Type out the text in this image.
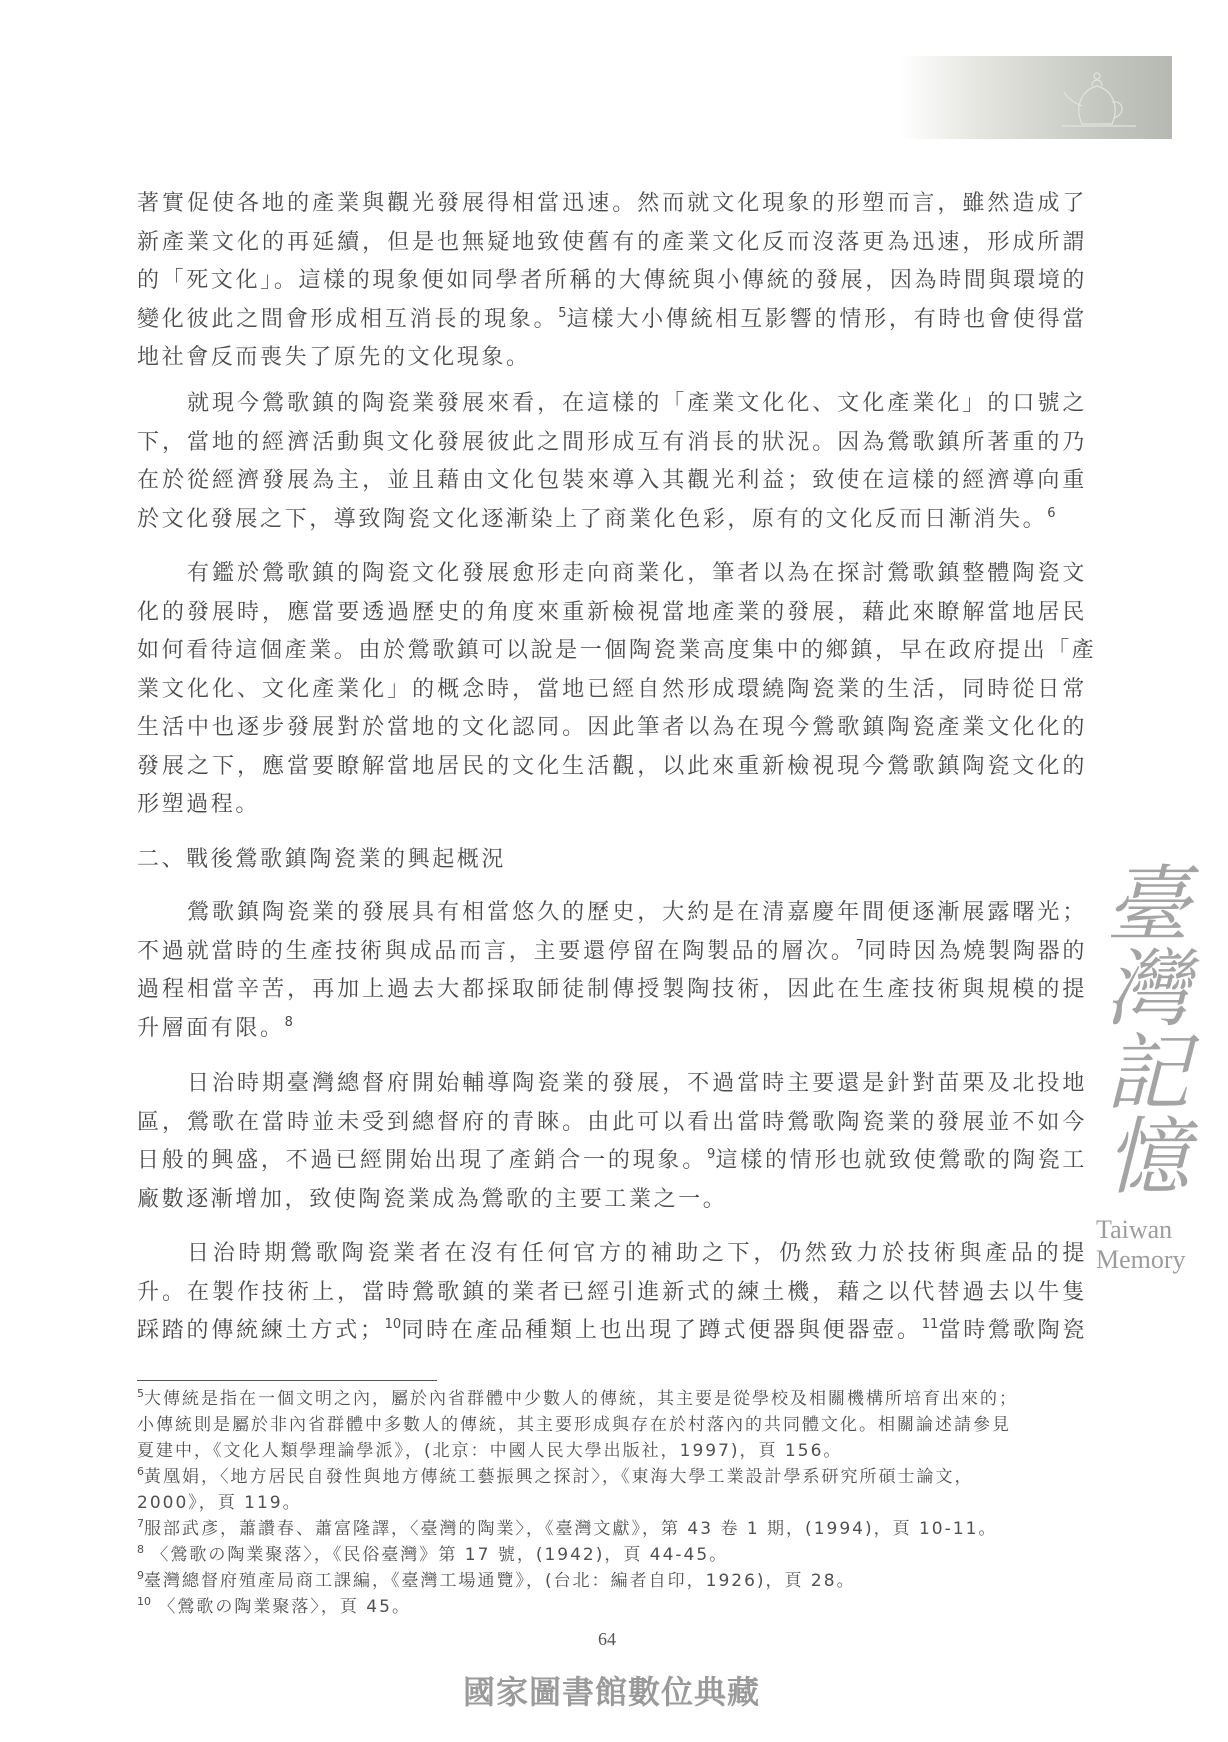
著實促使各地的產業與觀光發展得相當迅速。然而就文化現象的形塑而言，雖然造成了
新產業文化的再延續，但是也無疑地致使舊有的產業文化反而沒落更為迅速，形成所謂
的「死文化」。這樣的現象便如同學者所稱的大傳統與小傳統的發展，因為時間與環境的
變化彼此之間會形成相互消長的現象。$^5$這樣大小傳統相互影響的情形，有時也會使得當
地社會反而喪失了原先的文化現象。
就現今鶯歌鎮的陶瓷業發展來看，在這樣的「產業文化化、文化產業化」的口號之
下，當地的經濟活動與文化發展彼此之間形成互有消長的狀況。因為鶯歌鎮所著重的乃
在於從經濟發展為主，並且藉由文化包裝來導入其觀光利益；致使在這樣的經濟導向重
於文化發展之下，導致陶瓷文化逐漸染上了商業化色彩，原有的文化反而日漸消失。$^6$
有鑑於鶯歌鎮的陶瓷文化發展愈形走向商業化，筆者以為在探討鶯歌鎮整體陶瓷文
化的發展時，應當要透過歷史的角度來重新檢視當地產業的發展，藉此來瞭解當地居民
如何看待這個產業。由於鶯歌鎮可以說是一個陶瓷業高度集中的鄉鎮，早在政府提出「產
業文化化、文化產業化」的概念時，當地已經自然形成環繞陶瓷業的生活，同時從日常
生活中也逐步發展對於當地的文化認同。因此筆者以為在現今鶯歌鎮陶瓷產業文化化的
發展之下，應當要瞭解當地居民的文化生活觀，以此來重新檢視現今鶯歌鎮陶瓷文化的
形塑過程。
鶯歌鎮陶瓷業的發展具有相當悠久的歷史，大約是在清嘉慶年間便逐漸展露曙光；
不過就當時的生產技術與成品而言，主要還停留在陶製品的層次。$^7$同時因為燒製陶器的
過程相當辛苦，再加上過去大都採取師徒制傳授製陶技術，因此在生產技術與規模的提
升層面有限。$^8$
日治時期臺灣總督府開始輔導陶瓷業的發展，不過當時主要還是針對苗栗及北投地
區，鶯歌在當時並未受到總督府的青睞。由此可以看出當時鶯歌陶瓷業的發展並不如今
日般的興盛，不過已經開始出現了產銷合一的現象。$^9$這樣的情形也就致使鶯歌的陶瓷工
廠數逐漸增加，致使陶瓷業成為鶯歌的主要工業之一。
日治時期鶯歌陶瓷業者在沒有任何官方的補助之下，仍然致力於技術與產品的提
升。在製作技術上，當時鶯歌鎮的業者已經引進新式的練土機，藉之以代替過去以牛隻
踩踏的傳統練土方式；$^{10}$同時在產品種類上也出現了蹲式便器與便器壺。$^{11}$當時鶯歌陶瓷
二、戰後鶯歌鎮陶瓷業的興起概況
$^5$大傳統是指在一個文明之內，屬於內省群體中少數人的傳統，其主要是從學校及相關機構所培育出來的；
小傳統則是屬於非內省群體中多數人的傳統，其主要形成與存在於村落內的共同體文化。相關論述請參見
夏建中，《文化人類學理論學派》，(北京：中國人民大學出版社，1997)，頁 156。
$^6$黃凰娟，〈地方居民自發性與地方傳統工藝振興之探討〉，《東海大學工業設計學系研究所碩士論文，
2000》，頁 119。
$^7$服部武彥，蕭讚春、蕭富隆譯，〈臺灣的陶業〉，《臺灣文獻》，第 43 卷 1 期，(1994)，頁 10-11。
$^8$ 〈鶯歌の陶業聚落〉，《民俗臺灣》第 17 號，(1942)，頁 44-45。
$^9$臺灣總督府殖產局商工課編，《臺灣工場通覽》，(台北：編者自印，1926)，頁 28。
$^{10}$ 〈鶯歌の陶業聚落〉，頁 45。
臺灣記憶
Taiwan Memory
64
國家圖書館數位典藏
